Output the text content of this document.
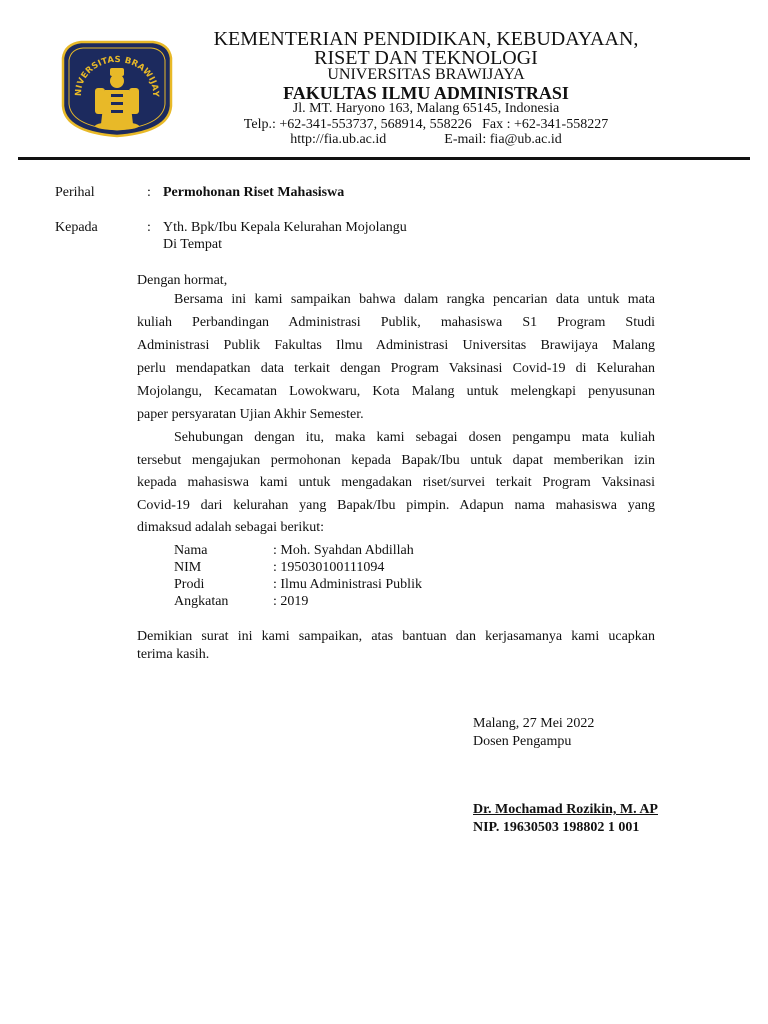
NIVERSITAS BRAWIJAY
KEMENTERIAN PENDIDIKAN, KEBUDAYAAN,
RISET DAN TEKNOLOGI
UNIVERSITAS BRAWIJAYA
FAKULTAS ILMU ADMINISTRASI
Jl. MT. Haryono 163, Malang 65145, Indonesia
Telp.: +62-341-553737, 568914, 558226   Fax : +62-341-558227
http://fia.ub.ac.id	E-mail: fia@ub.ac.id
Perihal	: Permohonan Riset Mahasiswa
Kepada	: Yth. Bpk/Ibu Kepala Kelurahan Mojolangu
Di Tempat
Dengan hormat,
Bersama ini kami sampaikan bahwa dalam rangka pencarian data untuk mata
kuliah Perbandingan Administrasi Publik, mahasiswa S1 Program Studi
Administrasi Publik Fakultas Ilmu Administrasi Universitas Brawijaya Malang
perlu mendapatkan data terkait dengan Program Vaksinasi Covid-19 di Kelurahan
Mojolangu, Kecamatan Lowokwaru, Kota Malang untuk melengkapi penyusunan
paper persyaratan Ujian Akhir Semester.
Sehubungan dengan itu, maka kami sebagai dosen pengampu mata kuliah
tersebut mengajukan permohonan kepada Bapak/Ibu untuk dapat memberikan izin
kepada mahasiswa kami untuk mengadakan riset/survei terkait Program Vaksinasi
Covid-19 dari kelurahan yang Bapak/Ibu pimpin. Adapun nama mahasiswa yang
dimaksud adalah sebagai berikut:
Nama	: Moh. Syahdan Abdillah
NIM	: 195030100111094
Prodi	: Ilmu Administrasi Publik
Angkatan	: 2019
Demikian surat ini kami sampaikan, atas bantuan dan kerjasamanya kami ucapkan
terima kasih.
Malang, 27 Mei 2022
Dosen Pengampu
Dr. Mochamad Rozikin, M. AP
NIP. 19630503 198802 1 001
